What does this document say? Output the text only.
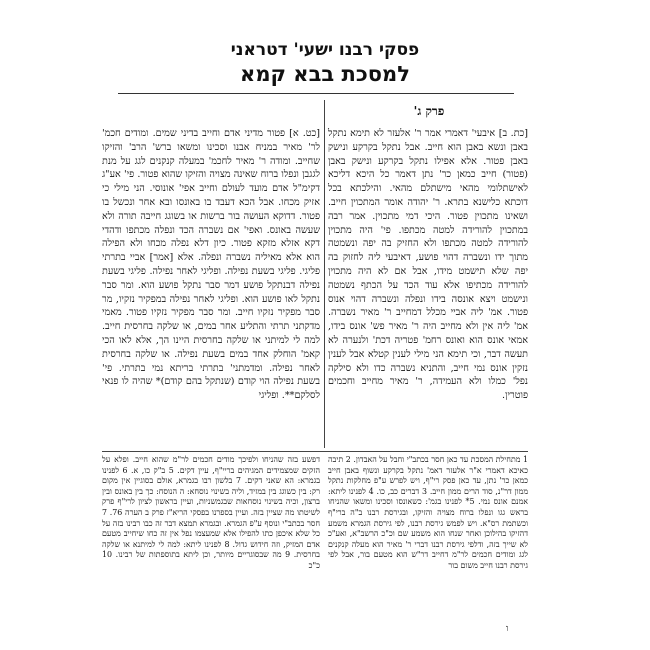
פסקי רבנו ישעי' דטראני
למסכת בבא קמא
פרק ג'
[כת. ב] איבעי' דאמרי אמר ר' אלעזר לא תימא נתקל באבן ונשא באבן הוא חייב. אבל נתקל בקרקע ונישק באבן פטור. אלא אפילו נתקל בקרקע ונישק באבן (פטור) חייב כמאן כר' נתן דאמר כל היכא דליכא לאישתלומי מהאי מישתלם מהאי. והילכתא בכל דוכתא כלישנא בתרא. ר' יהודה אומר המתכוין חייב. ושאינו מתכוין פטור. היכי דמי מתכוין. אמר רבה במתכוין להורידה למטה מכתפו. פי' היה מתכוין להורידה למטה מכתפו ולא החזיק בה יפה ונשמטה מתוך ידו ונשברה דהוי פושע, דאיבעי ליה לחזוק בה יפה שלא תישמט מידו, אבל אם לא היה מתכוין להורידה מכתיפו אלא עוד הכד על הכתף נשמטה ונישמט ויצא אונסה בידו ונפלה ונשברה דהוי אנוס פטור. אמ' ליה אביי מכלל דמחייב ר' מאיר נשברה. אמ' ליה אין ולא מחייב היה ר' מאיר פש' אונס בידו, אמאי אונס הוא ואונס רחמ' פטריה דכת' ולנערה לא תעשה דבר, וכי תימא הני מילי לענין קטלא אבל לענין נזקין אונס נמי חייב, והתניא נשברה כדו ולא סילקה נפל' כמלו ולא העמידה, ר' מאיר מחייב וחכמים פוטרין.
[כט. א] פטור מדיני אדם וחייב בדיני שמים. ומודים חכמ' לר' מאיר במניח אבנו וסכינו ומשאו ברש' הרב' והזיקו שחייב. ומודה ר' מאיר לחכמ' במעלה קנקנים לגג על מנת לגגבן ונפלו ברוח שאינה מצויה והזיקו שהוא פטור. פי' אע"ג דקימ"ל אדם מועד לעולם וחייב אפי' אונוסי. הני מילי כי אזיק מכחו. אבל הכא דעבד בו באונסו ובא אחר ונכשל בו פטור. דדוקא העושה בור ברשות או בשוגג חייבה תורה ולא שעשה באונס. ואפי' אם נשברה הכד ונפלה מכתפו ודהדי דקא אזלא מזקא פטור. כיון דלא נפלה מכחו ולא הפילה הוא אלא מאיליה נשברה ונפלה. אלא [אמר] אביי בתרתי פליגי. פליגי בשעת נפילה. ופליגי לאחר נפילה. פליגי בשעת נפילה דבנתקל פושע דמר סבר נתקל פושע הוא. ומר סבר נתקל לאו פושע הוא. ופליגי לאחר נפילה במפקיר נזקיו, מר סבר מפקיר נזקיו חייב. ומר סבר מפקיר נזקיו פטור. מאמי מדקתני תרתי והתליע אחר במים, או שלקה בחרסית חייב. למה לי למיתני או שלקה בחרסית היינו הך, אלא לאו הכי קאמ' הוחלק אחד במים בשעת נפילה. או שלקה בחרסית לאחר נפילה. ומדמתני' בתרתי בריתא נמי בתרתי. פי' בשעת נפילה הוי קודם (שנתקל בהם קודם)* שהיה לו פנאי לסלקם**. ופליגי
1 מתחילת המסכת עד כאן חסר בכתב"י וחבל על האבדון. 2 תיבה כאיכא דאמרי א"ר אלעזר דאמ' נתקל בקרקע ונשוף באבן חייב כמאן כר' נתן, עד כאן פסק רי"ף, ויש לפרש ע"פ מחלקות נתקל ממון דר"נ, סוד הרים ממון חייב. 3 דברים כב, כו. 4 לפנינו ליתא: אמנם אונס נמי. 5* לפנינו בגמ': כשאונסו וסכינו ומשאו שהניחו בראש גגו ונפלו ברוח מצויה והזיקו, ובגירסת רבנו ב"ה ברי"ף וכשתמת רס"א. ויש לפמש גירסת רבנו, לפי גירסת הגמרא משמע דהזיקו בהילוכן ואחר שנחו הוא משמע שם וכ"כ הרשב"א, ואע"כ לא שייך בזה, ודלפי גירסת רבנו דברי ר' מאיר הוא מעלה קנקנים לגג ומודים חכמים לר"מ דחייב דר"ש הוא מטעם בור, אבל לפי גירסת רבנו חייב משום בור
דפשע בזה שהניחו ולפיכך מודים חכמים לר"מ שהוא חייב. ופלא על הזקים שמצמידים המגיהים בריי"ף, עיין דקים. 5 ב"ק כו, א. 6 לפנינו בגמרא: הא שאני דקים. 7 בלשון רבו בגמרא, אולם בסוגיין אין מקום רק: בין כשוגג בין במזיד, וליה בשינוי נוסחא: ה הנוסח: כך בין באונס ובין ברצון, וכיה בשינוי נוסחאות שבגמשניות, ועיין בראשון לציון לרי"ף פרק לשיטתו מה שציין בזה. ועיין בספרנו בפסקי הריא"ז פרק ב הערה 76. 7 חסר בכתב"י ונוסף ע"פ הגמרא. ובגמרא תמצא דבר זה כבו רבינו בזה על כל שלא איכפן כתו להפילו אלא שמעצמו נפל אין זה כחו שיחייב מטעם אדם המזיק, וזה חידוש גדול. 8 לפנינו ליתא: למה לי למיתנא או שלקה בחרסית. 9 מה שבסוגריים מיותר, וכן ליתא בתוספתות של רבינו. 10 כ"כ
ו
